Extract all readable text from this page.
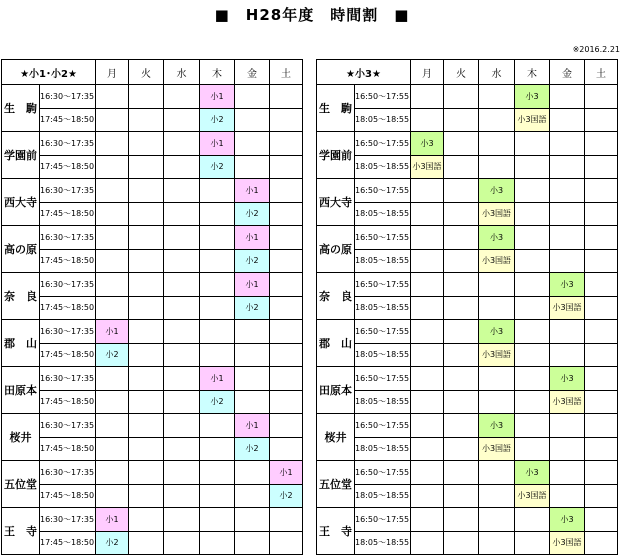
■　H28年度　時間割　■
※2016.2.21
★小1･小2★		月	火	水	木	金	土
生　駒	16:30〜17:35				小1		
	17:45〜18:50				小2		
学園前	16:30〜17:35				小1		
	17:45〜18:50				小2		
西大寺	16:30〜17:35					小1	
	17:45〜18:50					小2	
高の原	16:30〜17:35					小1	
	17:45〜18:50					小2	
奈　良	16:30〜17:35					小1	
	17:45〜18:50					小2	
郡　山	16:30〜17:35	小1					
	17:45〜18:50	小2					
田原本	16:30〜17:35				小1		
	17:45〜18:50				小2		
桜井	16:30〜17:35					小1	
	17:45〜18:50					小2	
五位堂	16:30〜17:35						小1
	17:45〜18:50						小2
王　寺	16:30〜17:35	小1					
	17:45〜18:50	小2					
★小3★		月	火	水	木	金	土
生　駒	16:50〜17:55				小3		
	18:05〜18:55				小3国語		
学園前	16:50〜17:55	小3					
	18:05〜18:55	小3国語					
西大寺	16:50〜17:55			小3			
	18:05〜18:55			小3国語			
高の原	16:50〜17:55			小3			
	18:05〜18:55			小3国語			
奈　良	16:50〜17:55					小3	
	18:05〜18:55					小3国語	
郡　山	16:50〜17:55			小3			
	18:05〜18:55			小3国語			
田原本	16:50〜17:55					小3	
	18:05〜18:55					小3国語	
桜井	16:50〜17:55			小3			
	18:05〜18:55			小3国語			
五位堂	16:50〜17:55				小3		
	18:05〜18:55				小3国語		
王　寺	16:50〜17:55					小3	
	18:05〜18:55					小3国語	
